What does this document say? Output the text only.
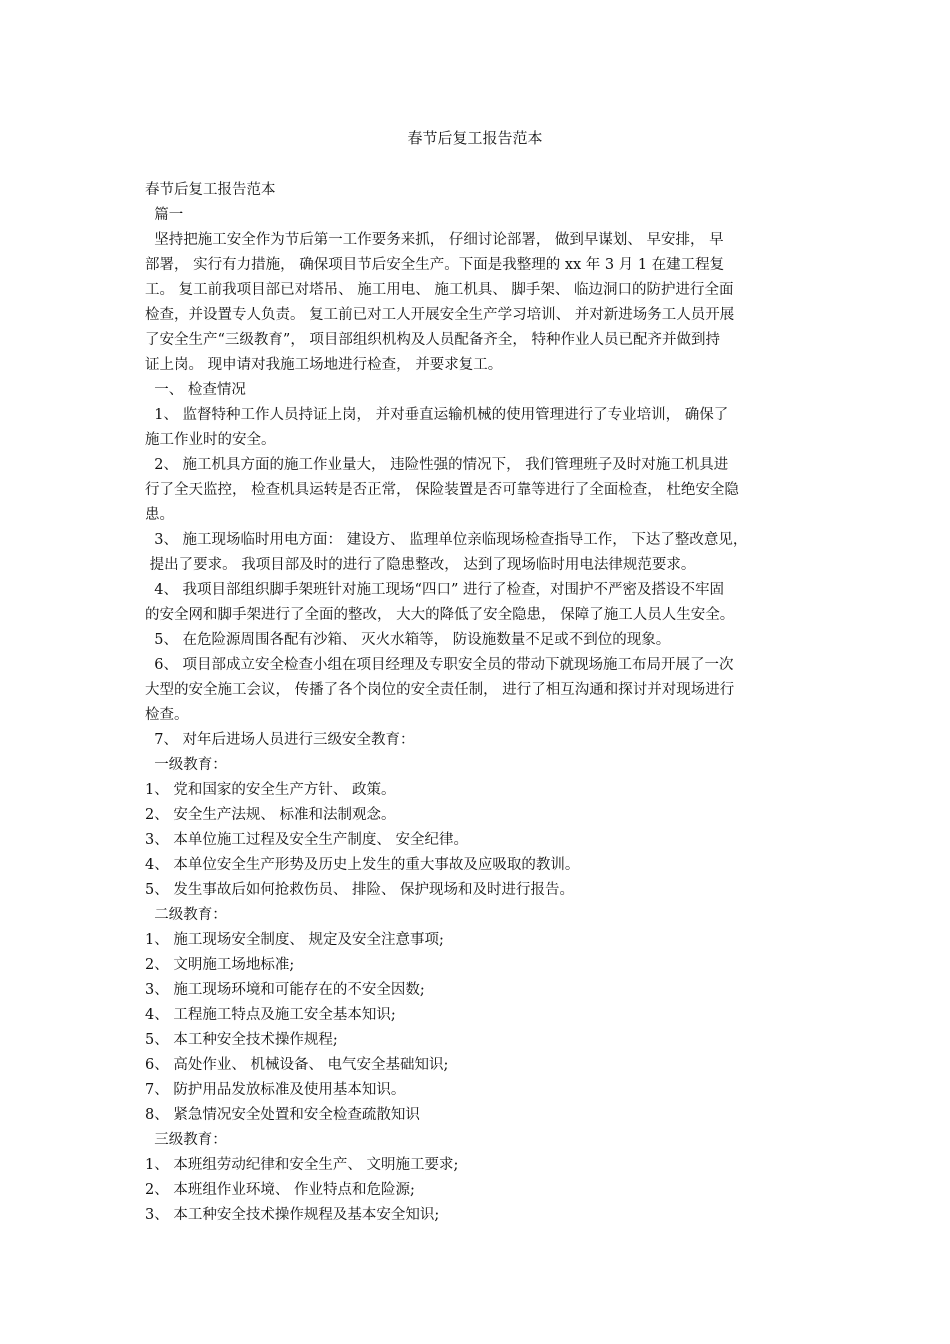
春节后复工报告范本

春节后复工报告范本

篇一

坚持把施工安全作为节后第一工作要务来抓， 仔细讨论部署， 做到早谋划、 早安排， 早

部署， 实行有力措施， 确保项目节后安全生产。下面是我整理的 xx 年 3 月 1 在建工程复

工。 复工前我项目部已对塔吊、 施工用电、 施工机具、 脚手架、 临边洞口的防护进行全面

检查，并设置专人负责。 复工前已对工人开展安全生产学习培训、 并对新进场务工人员开展

了安全生产“三级教育”， 项目部组织机构及人员配备齐全， 特种作业人员已配齐并做到持

证上岗。 现申请对我施工场地进行检查， 并要求复工。

一、 检查情况

1、 监督特种工作人员持证上岗， 并对垂直运输机械的使用管理进行了专业培训， 确保了

施工作业时的安全。

2、 施工机具方面的施工作业量大， 违险性强的情况下， 我们管理班子及时对施工机具进

行了全天监控， 检查机具运转是否正常， 保险装置是否可靠等进行了全面检查， 杜绝安全隐

患。

3、 施工现场临时用电方面： 建设方、 监理单位亲临现场检查指导工作， 下达了整改意见，

提出了要求。 我项目部及时的进行了隐患整改， 达到了现场临时用电法律规范要求。

4、 我项目部组织脚手架班针对施工现场“四口” 进行了检查，对围护不严密及搭设不牢固

的安全网和脚手架进行了全面的整改， 大大的降低了安全隐患， 保障了施工人员人生安全。

5、 在危险源周围各配有沙箱、 灭火水箱等， 防设施数量不足或不到位的现象。

6、 项目部成立安全检查小组在项目经理及专职安全员的带动下就现场施工布局开展了一次

大型的安全施工会议， 传播了各个岗位的安全责任制， 进行了相互沟通和探讨并对现场进行

检查。

7、 对年后进场人员进行三级安全教育：

一级教育：

1、 党和国家的安全生产方针、 政策。

2、 安全生产法规、 标准和法制观念。

3、 本单位施工过程及安全生产制度、 安全纪律。

4、 本单位安全生产形势及历史上发生的重大事故及应吸取的教训。

5、 发生事故后如何抢救伤员、 排险、 保护现场和及时进行报告。

二级教育：

1、 施工现场安全制度、 规定及安全注意事项;

2、 文明施工场地标准;

3、 施工现场环境和可能存在的不安全因数;

4、 工程施工特点及施工安全基本知识;

5、 本工种安全技术操作规程;

6、 高处作业、 机械设备、 电气安全基础知识;

7、 防护用品发放标准及使用基本知识。

8、 紧急情况安全处置和安全检查疏散知识

三级教育：

1、 本班组劳动纪律和安全生产、 文明施工要求;

2、 本班组作业环境、 作业特点和危险源;

3、 本工种安全技术操作规程及基本安全知识;
